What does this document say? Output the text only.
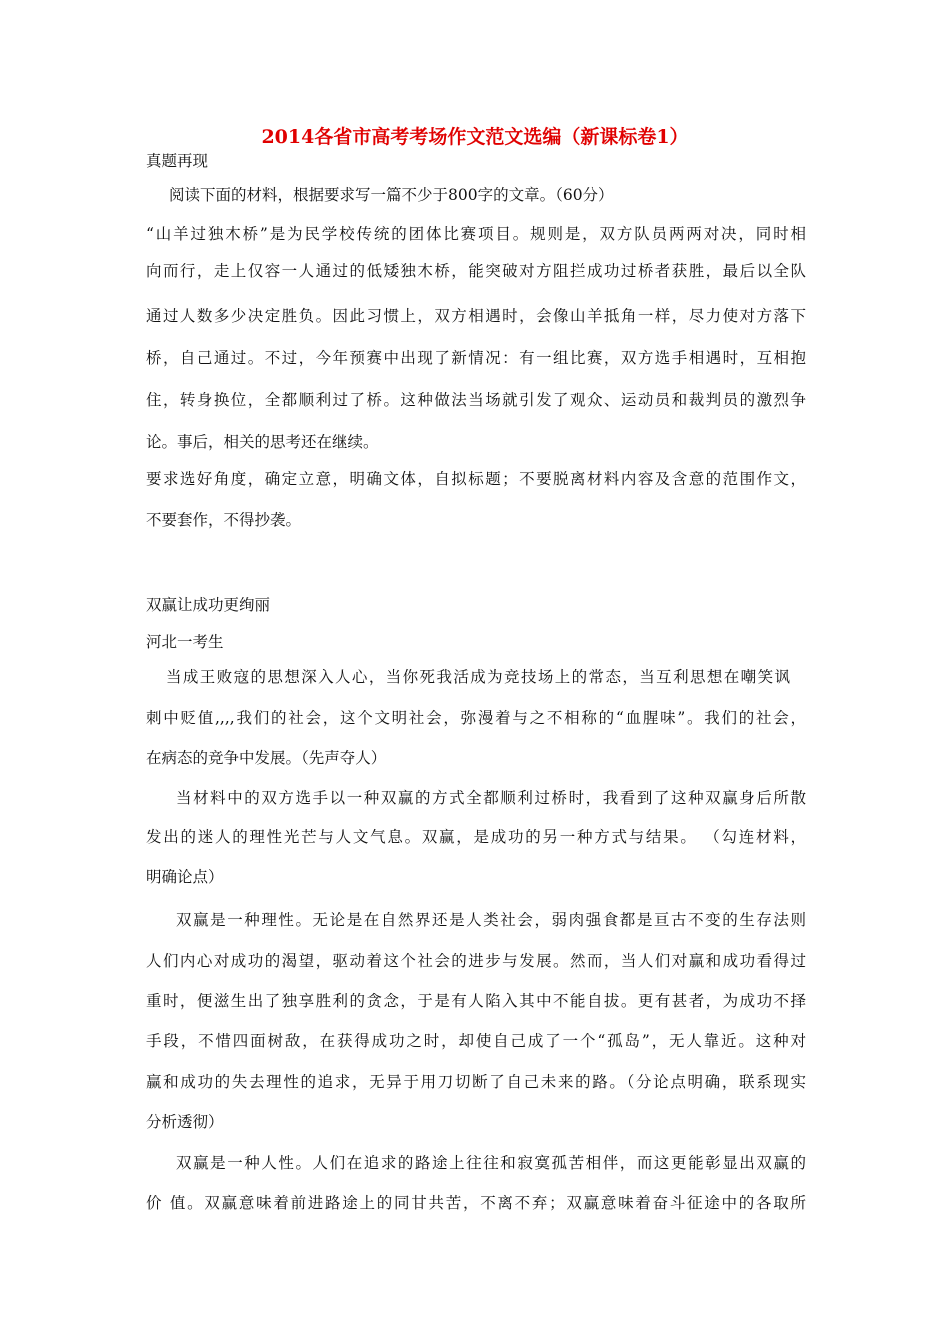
2014各省市高考考场作文范文选编（新课标卷1）
真题再现
阅读下面的材料，根据要求写一篇不少于800字的文章。（60分）
“山羊过独木桥”是为民学校传统的团体比赛项目。规则是，双方队员两两对决，同时相
向而行，走上仅容一人通过的低矮独木桥，能突破对方阻拦成功过桥者获胜，最后以全队
通过人数多少决定胜负。因此习惯上，双方相遇时，会像山羊抵角一样，尽力使对方落下
桥，自己通过。不过，今年预赛中出现了新情况：有一组比赛，双方选手相遇时，互相抱
住，转身换位，全都顺利过了桥。这种做法当场就引发了观众、运动员和裁判员的激烈争
论。事后，相关的思考还在继续。
要求选好角度，确定立意，明确文体，自拟标题；不要脱离材料内容及含意的范围作文，
不要套作，不得抄袭。
双赢让成功更绚丽
河北一考生
当成王败寇的思想深入人心，当你死我活成为竞技场上的常态，当互利思想在嘲笑讽
刺中贬值,,,,我们的社会，这个文明社会，弥漫着与之不相称的“血腥味”。我们的社会，
在病态的竞争中发展。（先声夺人）
当材料中的双方选手以一种双赢的方式全都顺利过桥时，我看到了这种双赢身后所散
发出的迷人的理性光芒与人文气息。双赢，是成功的另一种方式与结果。 （勾连材料，
明确论点）
双赢是一种理性。无论是在自然界还是人类社会，弱肉强食都是亘古不变的生存法则
人们内心对成功的渴望，驱动着这个社会的进步与发展。然而，当人们对赢和成功看得过
重时，便滋生出了独享胜利的贪念，于是有人陷入其中不能自拔。更有甚者，为成功不择
手段，不惜四面树敌，在获得成功之时，却使自己成了一个“孤岛”，无人靠近。这种对
赢和成功的失去理性的追求，无异于用刀切断了自己未来的路。（分论点明确，联系现实
分析透彻）
双赢是一种人性。人们在追求的路途上往往和寂寞孤苦相伴，而这更能彰显出双赢的
价 值。双赢意味着前进路途上的同甘共苦，不离不弃；双赢意味着奋斗征途中的各取所
